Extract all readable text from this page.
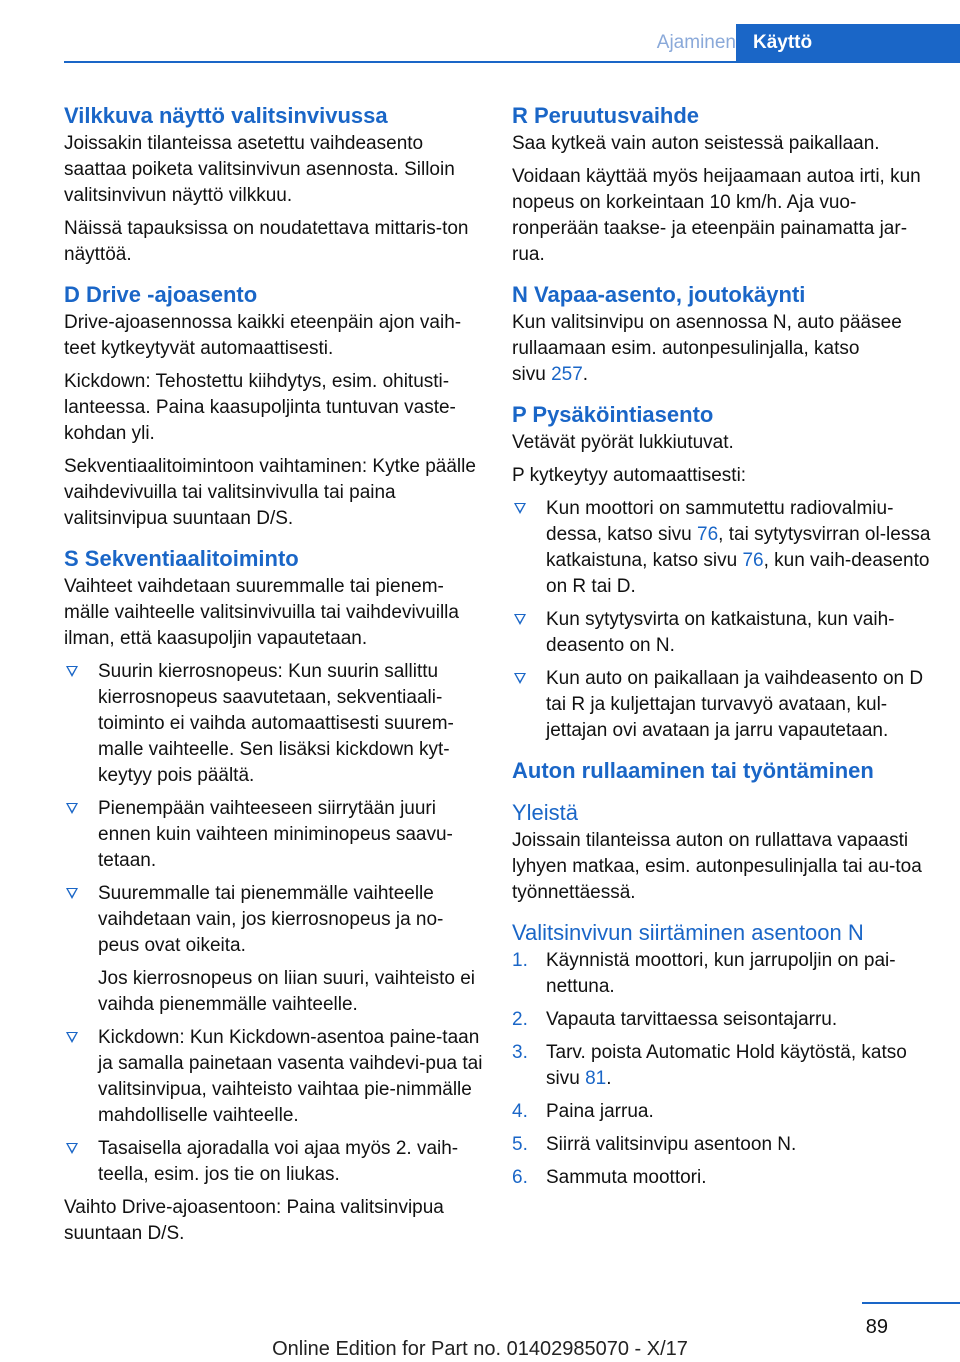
Ajaminen Käyttö
Vilkkuva näyttö valitsinvivussa

Joissakin tilanteissa asetettu vaihdeasento saattaa poiketa valitsinvivun asennosta. Silloin valitsinvivun näyttö vilkkuu.

Näissä tapauksissa on noudatettava mittaris-ton näyttöä.

D Drive -ajoasento

Drive-ajoasennossa kaikki eteenpäin ajon vaih-teet kytkeytyvät automaattisesti.

Kickdown: Tehostettu kiihdytys, esim. ohitusti-lanteessa. Paina kaasupoljinta tuntuvan vaste-kohdan yli.

Sekventiaalitoimintoon vaihtaminen: Kytke päälle vaihdevivuilla tai valitsinvivulla tai paina valitsinvipua suuntaan D/S.

S Sekventiaalitoiminto

Vaihteet vaihdetaan suuremmalle tai pienem-mälle vaihteelle valitsinvivuilla tai vaihdevivuilla ilman, että kaasupoljin vapautetaan.

Suurin kierrosnopeus: Kun suurin sallittu kierrosnopeus saavutetaan, sekventiaali-toiminto ei vaihda automaattisesti suurem-malle vaihteelle. Sen lisäksi kickdown kyt-keytyy pois päältä.
Pienempään vaihteeseen siirrytään juuri ennen kuin vaihteen miniminopeus saavu-tetaan.
Suuremmalle tai pienemmälle vaihteelle vaihdetaan vain, jos kierrosnopeus ja no-peus ovat oikeita.

Jos kierrosnopeus on liian suuri, vaihteisto ei vaihda pienemmälle vaihteelle.

Kickdown: Kun Kickdown-asentoa paine-taan ja samalla painetaan vasenta vaihdevi-pua tai valitsinvipua, vaihteisto vaihtaa pie-nimmälle mahdolliselle vaihteelle.
Tasaisella ajoradalla voi ajaa myös 2. vaih-teella, esim. jos tie on liukas.

Vaihto Drive-ajoasentoon: Paina valitsinvipua suuntaan D/S.

R Peruutusvaihde

Saa kytkeä vain auton seistessä paikallaan.

Voidaan käyttää myös heijaamaan autoa irti, kun nopeus on korkeintaan 10 km/h. Aja vuo-ronperään taakse- ja eteenpäin painamatta jar-rua.

N Vapaa-asento, joutokäynti

Kun valitsinvipu on asennossa N, auto pääsee rullaamaan esim. autonpesulinjalla, katso
sivu 257.

P Pysäköintiasento

Vetävät pyörät lukkiutuvat.

P kytkeytyy automaattisesti:

Kun moottori on sammutettu radiovalmiu-dessa, katso sivu 76, tai sytytysvirran ol-lessa katkaistuna, katso sivu 76, kun vaih-deasento on R tai D.
Kun sytytysvirta on katkaistuna, kun vaih-deasento on N.
Kun auto on paikallaan ja vaihdeasento on D tai R ja kuljettajan turvavyö avataan, kul-jettajan ovi avataan ja jarru vapautetaan.
Auton rullaaminen tai työntäminen
Yleistä

Joissain tilanteissa auton on rullattava vapaasti lyhyen matkaa, esim. autonpesulinjalla tai au-toa työnnettäessä.

Valitsinvivun siirtäminen asentoon N
1. Käynnistä moottori, kun jarrupoljin on pai-nettuna.
2. Vapauta tarvittaessa seisontajarru.
3. Tarv. poista Automatic Hold käytöstä, katso sivu 81.
4. Paina jarrua.
5. Siirrä valitsinvipu asentoon N.
6. Sammuta moottori.
89
Online Edition for Part no. 01402985070 - X/17
